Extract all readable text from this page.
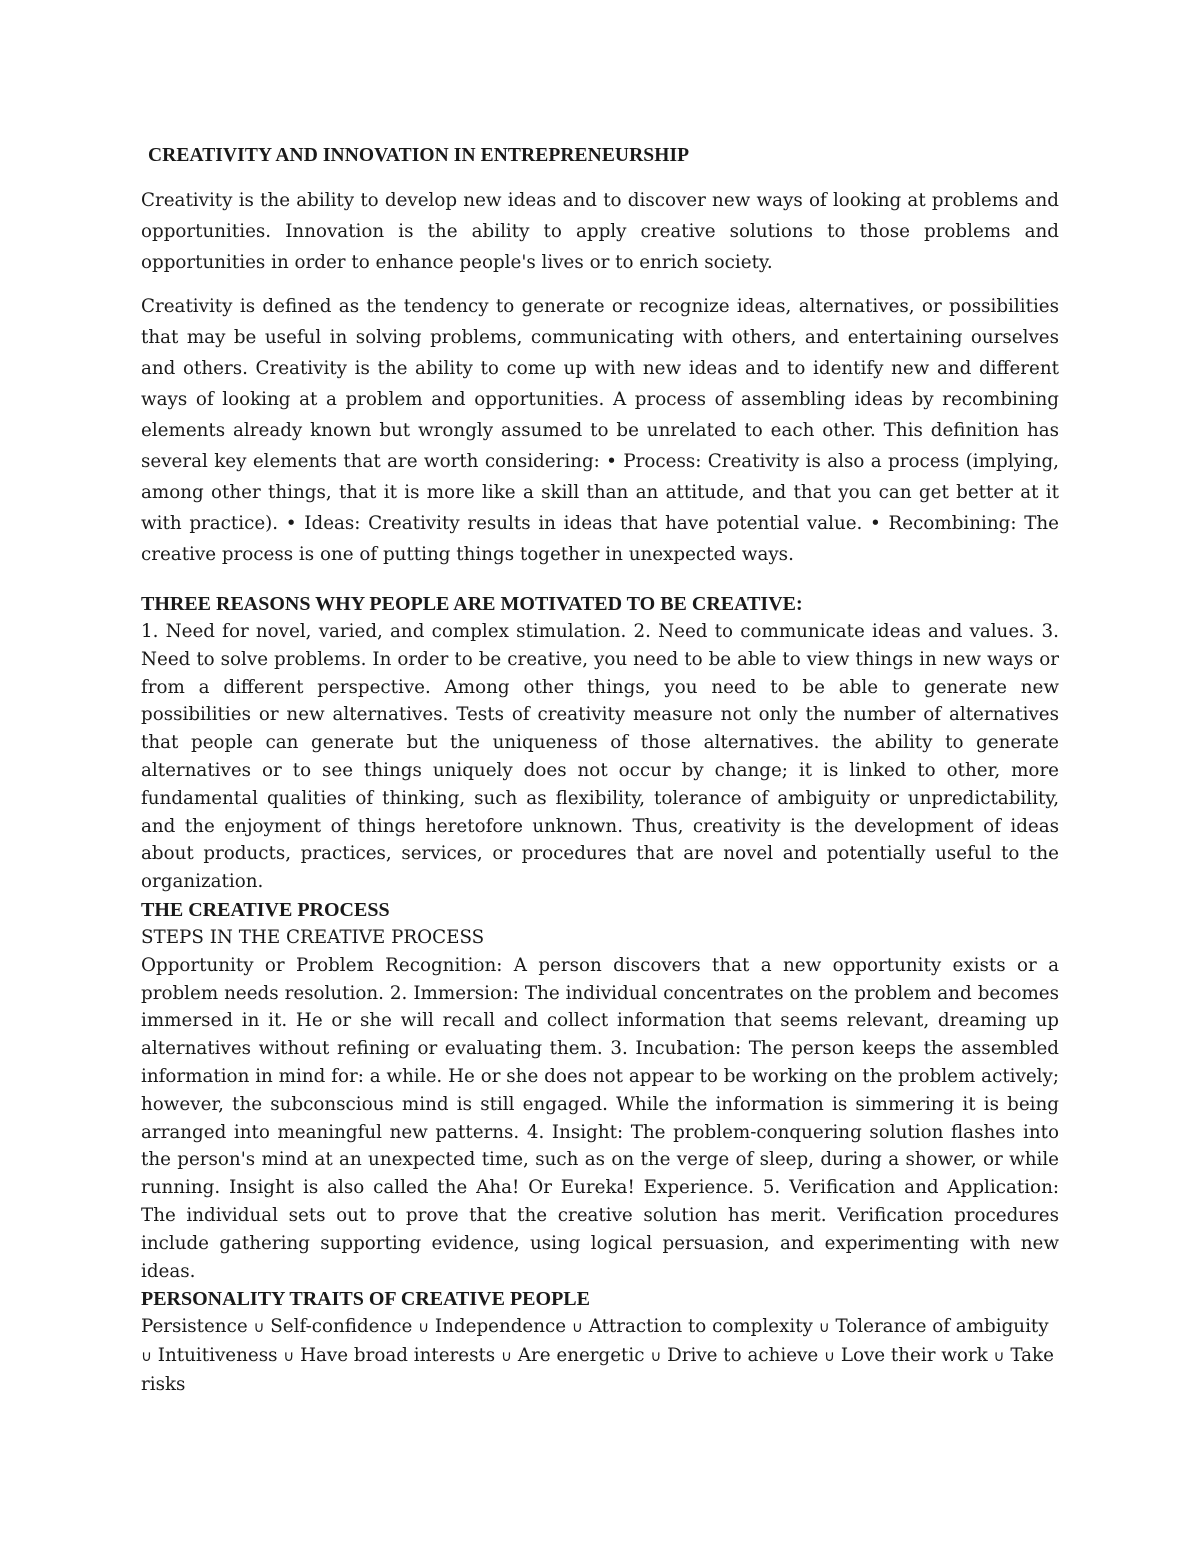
CREATIVITY AND INNOVATION IN ENTREPRENEURSHIP

Creativity is the ability to develop new ideas and to discover new ways of looking at problems and opportunities. Innovation is the ability to apply creative solutions to those problems and opportunities in order to enhance people's lives or to enrich society.

Creativity is defined as the tendency to generate or recognize ideas, alternatives, or possibilities that may be useful in solving problems, communicating with others, and entertaining ourselves and others. Creativity is the ability to come up with new ideas and to identify new and different ways of looking at a problem and opportunities. A process of assembling ideas by recombining elements already known but wrongly assumed to be unrelated to each other. This definition has several key elements that are worth considering: • Process: Creativity is also a process (implying, among other things, that it is more like a skill than an attitude, and that you can get better at it with practice). • Ideas: Creativity results in ideas that have potential value. • Recombining: The creative process is one of putting things together in unexpected ways.

THREE REASONS WHY PEOPLE ARE MOTIVATED TO BE CREATIVE:

1. Need for novel, varied, and complex stimulation. 2. Need to communicate ideas and values. 3. Need to solve problems. In order to be creative, you need to be able to view things in new ways or from a different perspective. Among other things, you need to be able to generate new possibilities or new alternatives. Tests of creativity measure not only the number of alternatives that people can generate but the uniqueness of those alternatives. the ability to generate alternatives or to see things uniquely does not occur by change; it is linked to other, more fundamental qualities of thinking, such as flexibility, tolerance of ambiguity or unpredictability, and the enjoyment of things heretofore unknown. Thus, creativity is the development of ideas about products, practices, services, or procedures that are novel and potentially useful to the organization.

THE CREATIVE PROCESS
STEPS IN THE CREATIVE PROCESS

Opportunity or Problem Recognition: A person discovers that a new opportunity exists or a problem needs resolution. 2. Immersion: The individual concentrates on the problem and becomes immersed in it. He or she will recall and collect information that seems relevant, dreaming up alternatives without refining or evaluating them. 3. Incubation: The person keeps the assembled information in mind for: a while. He or she does not appear to be working on the problem actively; however, the subconscious mind is still engaged. While the information is simmering it is being arranged into meaningful new patterns. 4. Insight: The problem-conquering solution flashes into the person's mind at an unexpected time, such as on the verge of sleep, during a shower, or while running. Insight is also called the Aha! Or Eureka! Experience. 5. Verification and Application: The individual sets out to prove that the creative solution has merit. Verification procedures include gathering supporting evidence, using logical persuasion, and experimenting with new ideas.

PERSONALITY TRAITS OF CREATIVE PEOPLE

Persistence ∪ Self-confidence ∪ Independence ∪ Attraction to complexity ∪ Tolerance of ambiguity ∪ Intuitiveness ∪ Have broad interests ∪ Are energetic ∪ Drive to achieve ∪ Love their work ∪ Take risks
